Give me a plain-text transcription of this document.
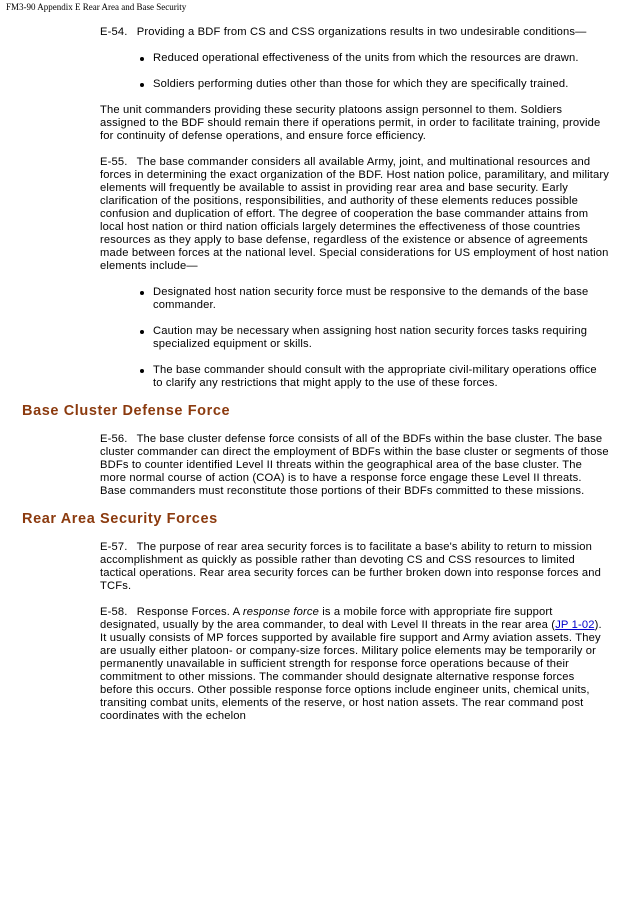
FM3-90 Appendix E Rear Area and Base Security

E-54. Providing a BDF from CS and CSS organizations results in two undesirable conditions—

Reduced operational effectiveness of the units from which the resources are drawn.
Soldiers performing duties other than those for which they are specifically trained.

The unit commanders providing these security platoons assign personnel to them. Soldiers assigned to the BDF should remain there if operations permit, in order to facilitate training, provide for continuity of defense operations, and ensure force efficiency.

E-55. The base commander considers all available Army, joint, and multinational resources and forces in determining the exact organization of the BDF. Host nation police, paramilitary, and military elements will frequently be available to assist in providing rear area and base security. Early clarification of the positions, responsibilities, and authority of these elements reduces possible confusion and duplication of effort. The degree of cooperation the base commander attains from local host nation or third nation officials largely determines the effectiveness of those countries resources as they apply to base defense, regardless of the existence or absence of agreements made between forces at the national level. Special considerations for US employment of host nation elements include—

Designated host nation security force must be responsive to the demands of the base commander.
Caution may be necessary when assigning host nation security forces tasks requiring specialized equipment or skills.
The base commander should consult with the appropriate civil-military operations office to clarify any restrictions that might apply to the use of these forces.
Base Cluster Defense Force

E-56. The base cluster defense force consists of all of the BDFs within the base cluster. The base cluster commander can direct the employment of BDFs within the base cluster or segments of those BDFs to counter identified Level II threats within the geographical area of the base cluster. The more normal course of action (COA) is to have a response force engage these Level II threats. Base commanders must reconstitute those portions of their BDFs committed to these missions.

Rear Area Security Forces

E-57. The purpose of rear area security forces is to facilitate a base's ability to return to mission accomplishment as quickly as possible rather than devoting CS and CSS resources to limited tactical operations. Rear area security forces can be further broken down into response forces and TCFs.

E-58. Response Forces. A response force is a mobile force with appropriate fire support designated, usually by the area commander, to deal with Level II threats in the rear area (JP 1-02). It usually consists of MP forces supported by available fire support and Army aviation assets. They are usually either platoon- or company-size forces. Military police elements may be temporarily or permanently unavailable in sufficient strength for response force operations because of their commitment to other missions. The commander should designate alternative response forces before this occurs. Other possible response force options include engineer units, chemical units, transiting combat units, elements of the reserve, or host nation assets. The rear command post coordinates with the echelon
